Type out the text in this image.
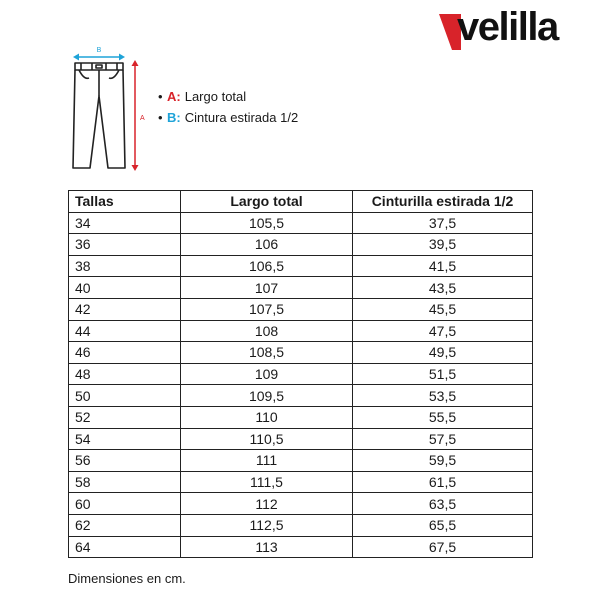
velilla
B
A
• A: Largo total
• B: Cintura estirada 1/2
Tallas	Largo total	Cinturilla estirada 1/2
34	105,5	37,5
36	106	39,5
38	106,5	41,5
40	107	43,5
42	107,5	45,5
44	108	47,5
46	108,5	49,5
48	109	51,5
50	109,5	53,5
52	110	55,5
54	110,5	57,5
56	111	59,5
58	111,5	61,5
60	112	63,5
62	112,5	65,5
64	113	67,5
Dimensiones en cm.
